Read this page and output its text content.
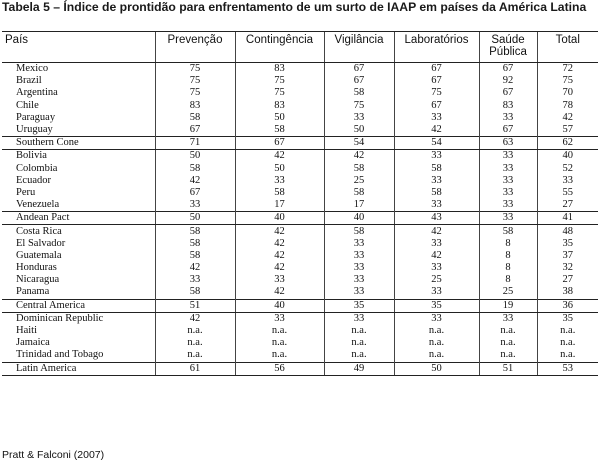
Tabela 5 – Índice de prontidão para enfrentamento de um surto de IAAP em países da América Latina

País	Prevenção	Contingência	Vigilância	Laboratórios	Saúde Pública	Total
Mexico	75	83	67	67	67	72
Brazil	75	75	67	67	92	75
Argentina	75	75	58	75	67	70
Chile	83	83	75	67	83	78
Paraguay	58	50	33	33	33	42
Uruguay	67	58	50	42	67	57
Southern Cone	71	67	54	54	63	62
Bolivia	50	42	42	33	33	40
Colombia	58	50	58	58	33	52
Ecuador	42	33	25	33	33	33
Peru	67	58	58	58	33	55
Venezuela	33	17	17	33	33	27
Andean Pact	50	40	40	43	33	41
Costa Rica	58	42	58	42	58	48
El Salvador	58	42	33	33	8	35
Guatemala	58	42	33	42	8	37
Honduras	42	42	33	33	8	32
Nicaragua	33	33	33	25	8	27
Panama	58	42	33	33	25	38
Central America	51	40	35	35	19	36
Dominican Republic	42	33	33	33	33	35
Haiti	n.a.	n.a.	n.a.	n.a.	n.a.	n.a.
Jamaica	n.a.	n.a.	n.a.	n.a.	n.a.	n.a.
Trinidad and Tobago	n.a.	n.a.	n.a.	n.a.	n.a.	n.a.
Latin America	61	56	49	50	51	53
Pratt & Falconi (2007)
